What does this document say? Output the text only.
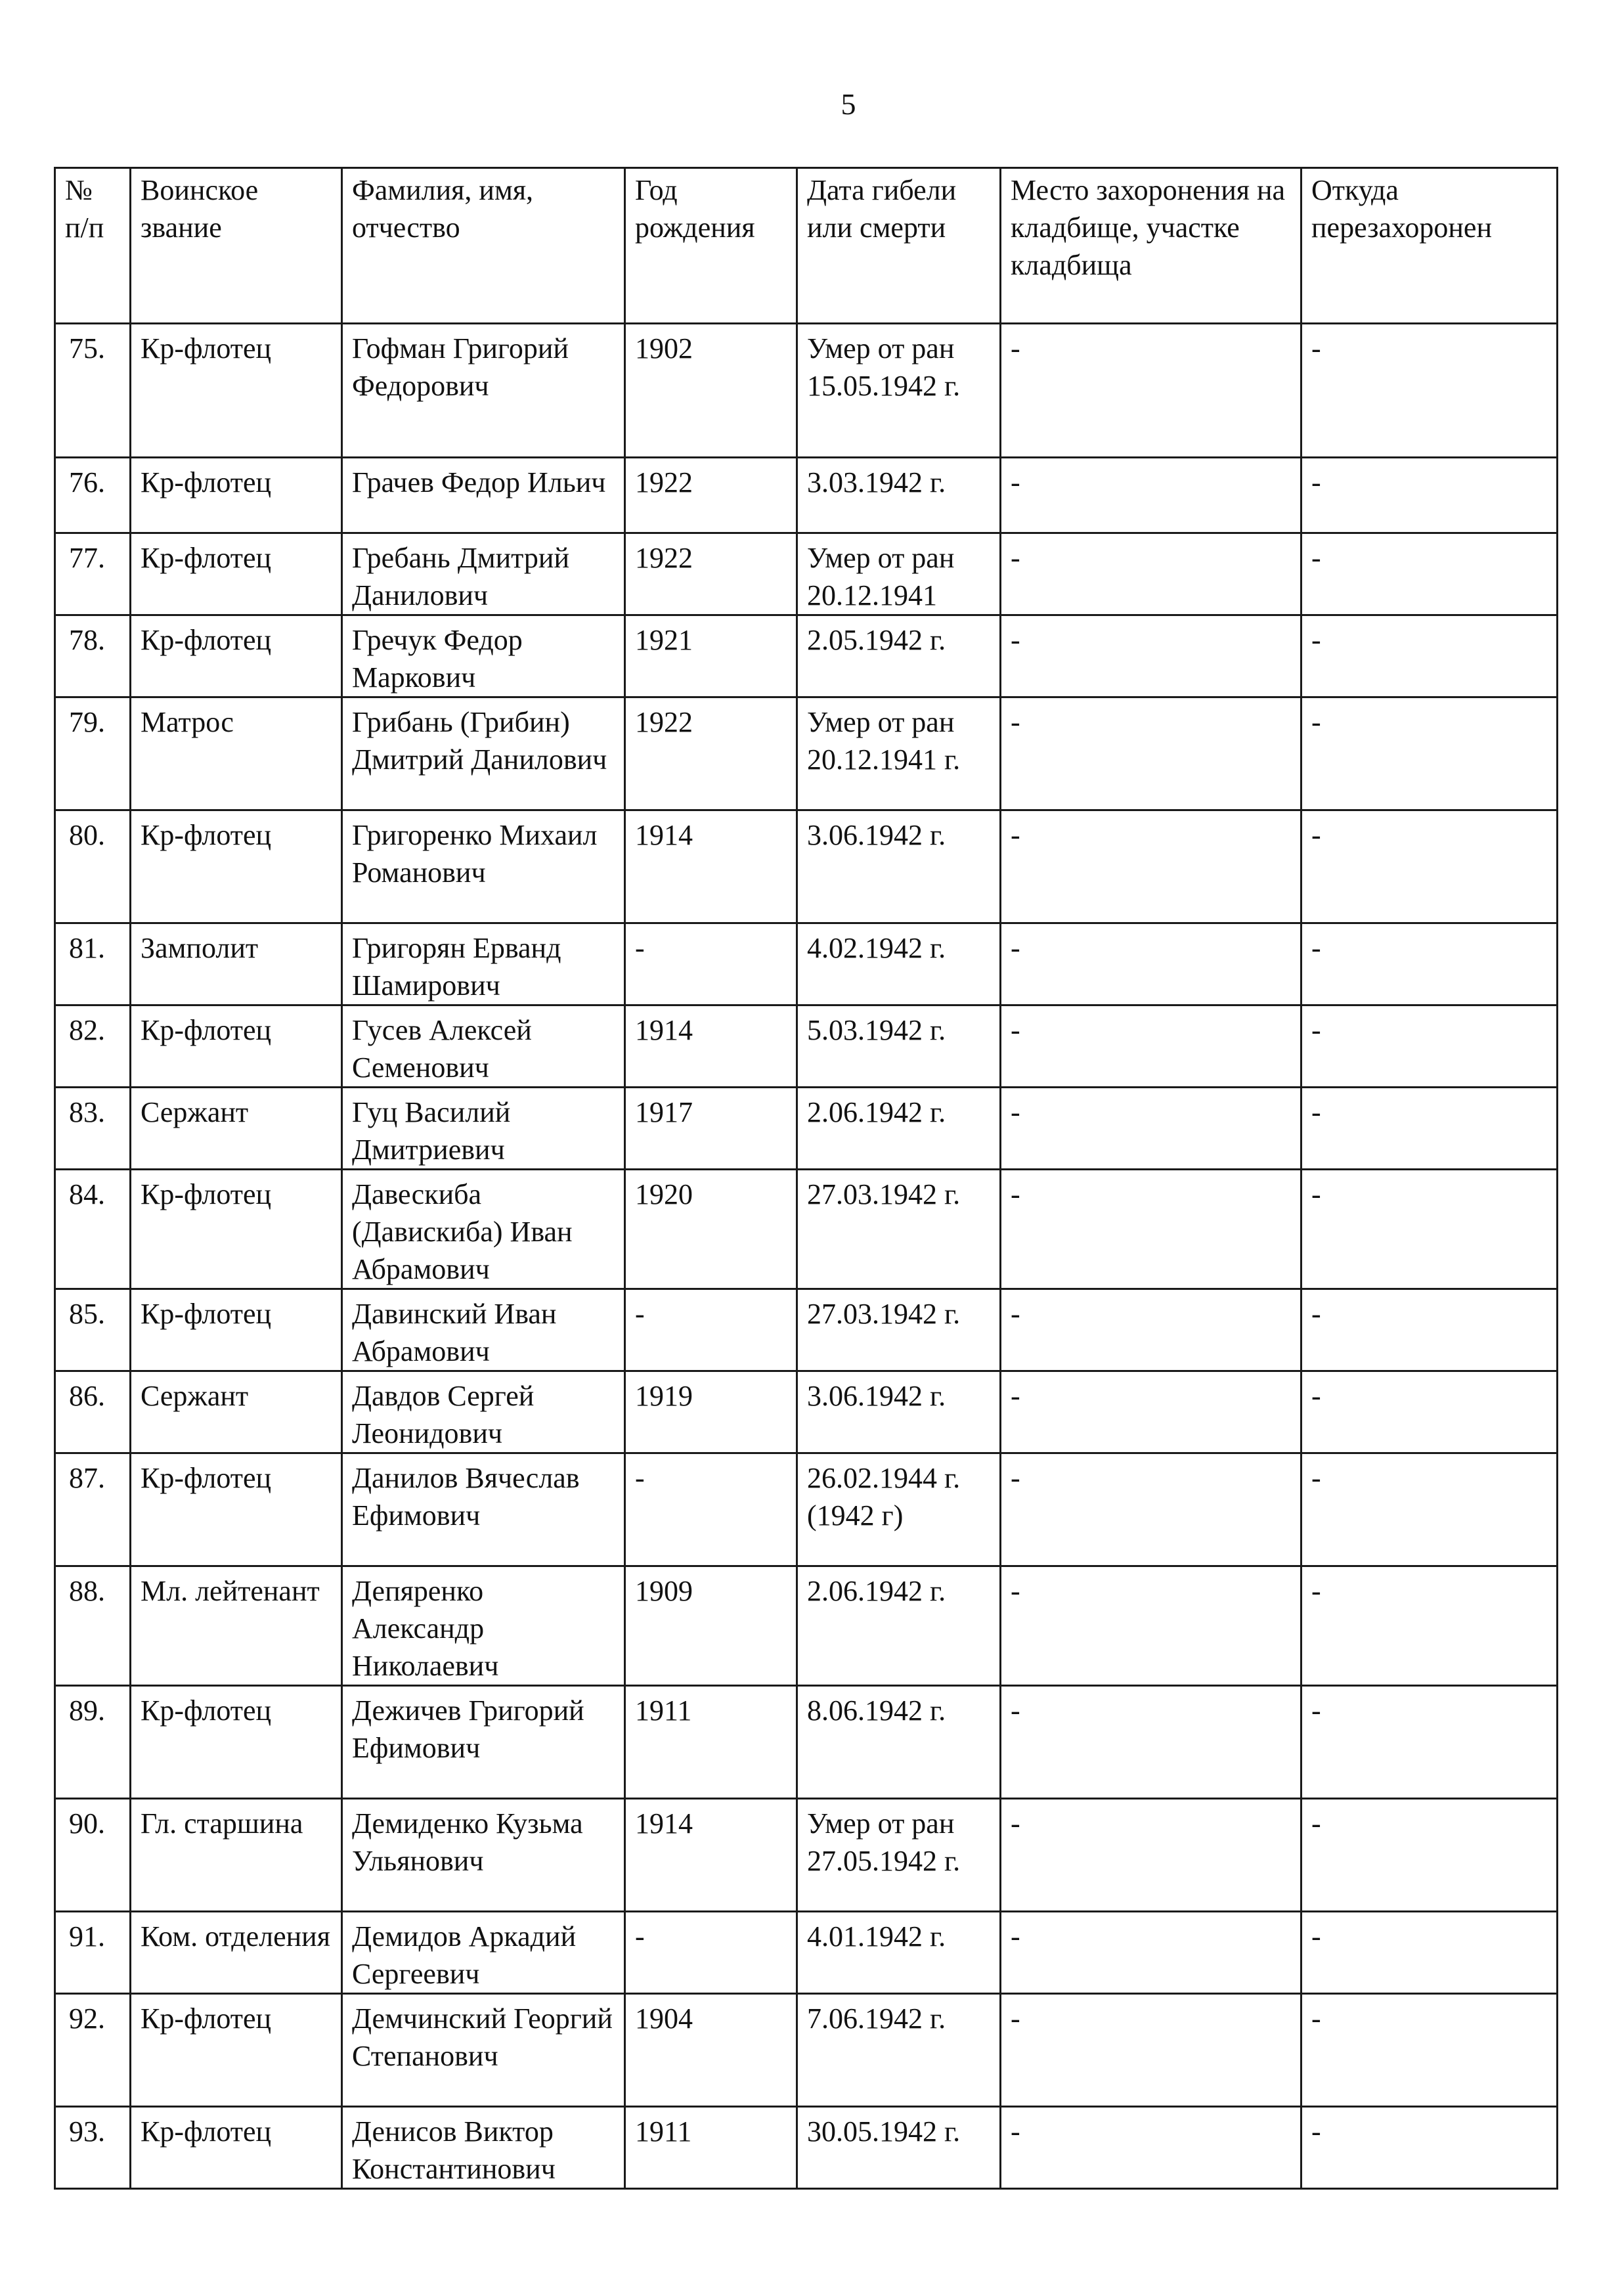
5
№ п/п	Воинское звание	Фамилия, имя, отчество	Год рождения	Дата гибели или смерти	Место захоронения на кладбище, участке кладбища	Откуда перезахоронен
75.	Кр-флотец	Гофман Григорий Федорович	1902	Умер от ран 15.05.1942 г.	-	-
76.	Кр-флотец	Грачев Федор Ильич	1922	3.03.1942 г.	-	-
77.	Кр-флотец	Гребань Дмитрий Данилович	1922	Умер от ран 20.12.1941	-	-
78.	Кр-флотец	Гречук Федор Маркович	1921	2.05.1942 г.	-	-
79.	Матрос	Грибань (Грибин) Дмитрий Данилович	1922	Умер от ран 20.12.1941 г.	-	-
80.	Кр-флотец	Григоренко Михаил Романович	1914	3.06.1942 г.	-	-
81.	Замполит	Григорян Ерванд Шамирович	-	4.02.1942 г.	-	-
82.	Кр-флотец	Гусев Алексей Семенович	1914	5.03.1942 г.	-	-
83.	Сержант	Гуц Василий Дмитриевич	1917	2.06.1942 г.	-	-
84.	Кр-флотец	Давескиба (Давискиба) Иван Абрамович	1920	27.03.1942 г.	-	-
85.	Кр-флотец	Давинский Иван Абрамович	-	27.03.1942 г.	-	-
86.	Сержант	Давдов Сергей Леонидович	1919	3.06.1942 г.	-	-
87.	Кр-флотец	Данилов Вячеслав Ефимович	-	26.02.1944 г.(1942 г)	-	-
88.	Мл. лейтенант	Депяренко Александр Николаевич	1909	2.06.1942 г.	-	-
89.	Кр-флотец	Дежичев Григорий Ефимович	1911	8.06.1942 г.	-	-
90.	Гл. старшина	Демиденко Кузьма Ульянович	1914	Умер от ран 27.05.1942 г.	-	-
91.	Ком. отделения	Демидов Аркадий Сергеевич	-	4.01.1942 г.	-	-
92.	Кр-флотец	Демчинский Георгий Степанович	1904	7.06.1942 г.	-	-
93.	Кр-флотец	Денисов Виктор Константинович	1911	30.05.1942 г.	-	-
